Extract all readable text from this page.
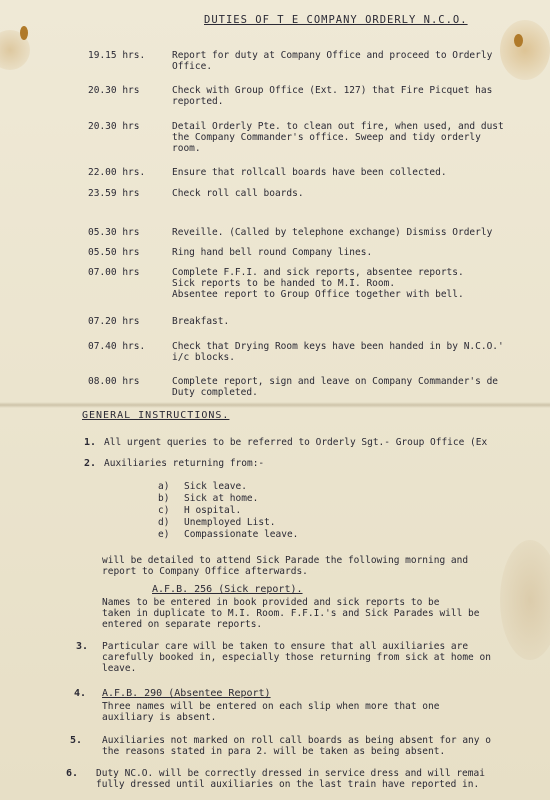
DUTIES OF T E COMPANY ORDERLY N.C.O.
19.15 hrs.	Report for duty at Company Office and proceed to Orderly
Office.
20.30 hrs	Check with Group Office (Ext. 127) that Fire Picquet has
reported.
20.30 hrs	Detail Orderly Pte. to clean out fire, when used, and dust
the Company Commander's office. Sweep and tidy orderly
room.
22.00 hrs.	Ensure that rollcall boards have been collected.
23.59 hrs	Check roll call boards.
05.30 hrs	Reveille. (Called by telephone exchange) Dismiss Orderly
05.50 hrs	Ring hand bell round Company lines.
07.00 hrs	Complete F.F.I. and sick reports, absentee reports.
Sick reports to be handed to M.I. Room.
Absentee report to Group Office together with bell.
07.20 hrs	Breakfast.
07.40 hrs.	Check that Drying Room keys have been handed in by N.C.O.'
i/c blocks.
08.00 hrs	Complete report, sign and leave on Company Commander's de
Duty completed.
GENERAL INSTRUCTIONS.
1. All urgent queries to be referred to Orderly Sgt.- Group Office (Ex
2. Auxiliaries returning from:-
a) Sick leave.
b) Sick at home.
c) H ospital.
d) Unemployed List.
e) Compassionate leave.
will be detailed to attend Sick Parade the following morning and
report to Company Office afterwards.
A.F.B. 256 (Sick report).
Names to be entered in book provided and sick reports to be
taken in duplicate to M.I. Room. F.F.I.'s and Sick Parades will be
entered on separate reports.
3. Particular care will be taken to ensure that all auxiliaries are
carefully booked in, especially those returning from sick at home on
leave.
4. A.F.B. 290 (Absentee Report)
Three names will be entered on each slip when more that one
auxiliary is absent.
5. Auxiliaries not marked on roll call boards as being absent for any o
the reasons stated in para 2. will be taken as being absent.
6. Duty NC.O. will be correctly dressed in service dress and will remai
fully dressed until auxiliaries on the last train have reported in.
